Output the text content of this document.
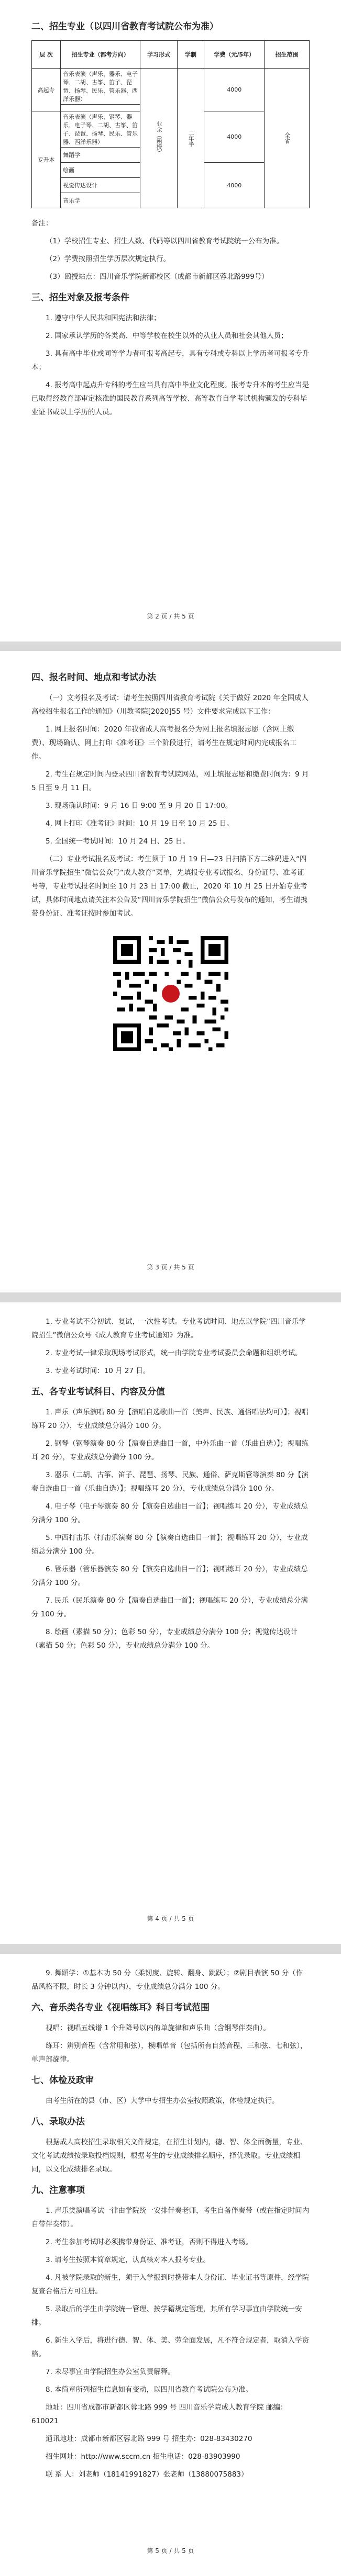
二、招生专业（以四川省教育考试院公布为准）
层 次	招生专业（都考方向）	学习形式	学制	学费（元/5年）	招生范围
高起专	音乐表演（声乐、器乐、电子琴、二胡、古筝、笛子、琵琶、扬琴、民乐、管乐器、西洋乐器）	业余（函授）	二年半	4000	全省

专升本	音乐表演（声乐、钢琴、器乐、电子琴、二胡、古筝、笛子、琵琶、扬琴、民乐、管乐器、西洋乐器）			4000	
	舞蹈学				
	绘画			4000	
	视觉传达设计				
	音乐学				

备注：

（1）学校招生专业、招生人数、代码等以四川省教育考试院统一公布为准。

（2）学费按照招生学历层次规定执行。

（3）函授站点：四川音乐学院新都校区（成都市新都区蓉北路999号）

三、招生对象及报考条件

1. 遵守中华人民共和国宪法和法律；

2. 国家承认学历的各类高、中等学校在校生以外的从业人员和社会其他人员；

3. 具有高中毕业或同等学力者可报考高起专，具有专科或专科以上学历者可报考专升本；

4. 报考高中起点升专科的考生应当具有高中毕业文化程度。报考专升本的考生应当是已取得经教育部审定核准的国民教育系列高等学校、高等教育自学考试机构颁发的专科毕业证书或以上学历的人员。

第 2 页 / 共 5 页
四、报名时间、地点和考试办法

（一）文考报名及考试：请考生按照四川省教育考试院《关于做好 2020 年全国成人高校招生报名工作的通知》（川教考院[2020]55 号）文件要求完成以下工作：

1. 网上报名时间：2020 年我省成人高考报名分为网上报名填报志愿（含网上缴费）、现场确认、网上打印《准考证》三个阶段进行，请考生在规定时间内完成报名工作。

2. 考生在规定时间内登录四川省教育考试院网站，网上填报志愿和缴费时间为：9 月 5 日至 9 月 11 日。

3. 现场确认时间：9 月 16 日 9:00 至 9 月 20 日 17:00。

4. 网上打印《准考证》时间：10 月 19 日至 10 月 25 日。

5. 全国统一考试时间：10 月 24 日、25 日。

（二）专业考试报名及考试：考生须于 10 月 19 日—23 日扫描下方二维码进入“四川音乐学院招生”微信公众号“成人教育”菜单，先填报专业考试报名、身份证号、准考证号等，专业考试报名时间至 10 月 23 日 17:00 截止，2020 年 10 月 25 日开始专业考试，具体时间地点请关注本公告及“四川音乐学院招生”微信公众号发布的通知，考生请携带身份证、准考证按时参加考试。

第 3 页 / 共 5 页

1. 专业考试不分初试、复试，一次性考试。专业考试时间、地点以学院“四川音乐学院招生”微信公众号《成人教育专业考试通知》为准。

2. 专业考试一律采取现场考试形式，统一由学院专业考试委员会命题和组织考试。

3. 专业考试时间：10 月 27 日。

五、各专业考试科目、内容及分值

1. 声乐（声乐演唱 80 分【演唱自选歌曲一首（美声、民族、通俗唱法均可）】；视唱练耳 20 分），专业成绩总分满分 100 分。

2. 钢琴（钢琴演奏 80 分【演奏自选曲目一首，中外乐曲一首（乐曲自选）】；视唱练耳 20 分），专业成绩总分满分 100 分。

3. 器乐（二胡、古筝、笛子、琵琶、扬琴、民族、通俗、萨克斯管等演奏 80 分【演奏自选曲目一首（乐曲自选）】；视唱练耳 20 分），专业成绩总分满分 100 分。

4. 电子琴（电子琴演奏 80 分【演奏自选曲目一首】；视唱练耳 20 分），专业成绩总分满分 100 分。

5. 中西打击乐（打击乐演奏 80 分【演奏自选曲目一首】；视唱练耳 20 分），专业成绩总分满分 100 分。

6. 管乐器（管乐器演奏 80 分【演奏自选曲目一首】；视唱练耳 20 分），专业成绩总分满分 100 分。

7. 民乐（民乐演奏 80 分【演奏自选曲目一首】；视唱练耳 20 分），专业成绩总分满分 100 分。

8. 绘画（素描 50 分）；色彩 50 分），专业成绩总分满分 100 分；视觉传达设计（素描 50 分；色彩 50 分），专业成绩总分满分 100 分。

第 4 页 / 共 5 页

9. 舞蹈学：①基本功 50 分（柔韧度、旋转、翻身、跳跃）；②剧目表演 50 分（作品风格不限，时长 3 分钟以内），专业成绩总分满分 100 分。

六、音乐类各专业《视唱练耳》科目考试范围

视唱：视唱五线谱 1 个升降号以内的单旋律和声乐曲（含钢琴伴奏曲）。

练耳：辨别音程（含常用和弦），模唱单音（包括所有自然音程、三和弦、七和弦），单声部旋律。

七、体检及政审

由考生所在的县（市、区）大学中专招生办公室按照政策，体检规定执行。

八、录取办法

根据成人高校招生录取相关文件规定，在招生计划内，德、智、体全面衡量，专业、文化考试成绩按录取投档规则，根据考生的专业成绩排名顺序，择优录取。专业成绩相同，以文化成绩排名录取。

九、注意事项

1. 声乐类演唱考试一律由学院统一安排伴奏老师，考生自备伴奏带（或在指定时间内自带伴奏带）。

2. 考生参加考试时必须携带身份证、准考证，否则不得进入考场。

3. 请考生按照本简章规定，认真核对本人报考专业。

4. 凡被学院录取的新生，须于入学报到时携带本人身份证、毕业证书等原件，经学院复查合格后方可注册。

5. 录取后的学生由学院统一管理、按学籍规定管理，其所有学习事宜由学院统一安排。

6. 新生入学后，将进行德、智、体、美、劳全面发展，凡不符合规定者，取消入学资格。

7. 未尽事宜由学院招生办公室负责解释。

8. 本简章所列招生信息如有变动，以四川省教育考试院公布为准。

地址：四川省成都市新都区蓉北路 999 号 四川音乐学院成人教育学院 邮编：610021

通讯地址：成都市新都区蓉北路 999 号 招生办：028-83430270

招生网址：http://www.sccm.cn 招生电话：028-83903990

联 系 人：刘老师（18141991827）张老师（13880075883）

第 5 页 / 共 5 页
